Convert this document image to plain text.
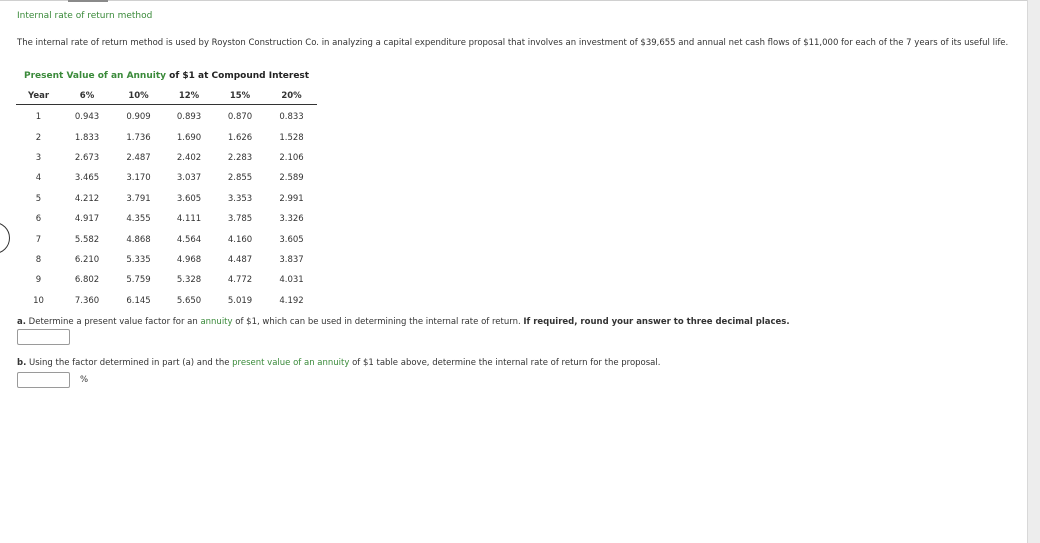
Internal rate of return method
The internal rate of return method is used by Royston Construction Co. in analyzing a capital expenditure proposal that involves an investment of $39,655 and annual net cash flows of $11,000 for each of the 7 years of its useful life.
Present Value of an Annuity of $1 at Compound Interest
Year	6%	10%	12%	15%	20%
1	0.943	0.909	0.893	0.870	0.833
2	1.833	1.736	1.690	1.626	1.528
3	2.673	2.487	2.402	2.283	2.106
4	3.465	3.170	3.037	2.855	2.589
5	4.212	3.791	3.605	3.353	2.991
6	4.917	4.355	4.111	3.785	3.326
7	5.582	4.868	4.564	4.160	3.605
8	6.210	5.335	4.968	4.487	3.837
9	6.802	5.759	5.328	4.772	4.031
10	7.360	6.145	5.650	5.019	4.192
a. Determine a present value factor for an annuity of $1, which can be used in determining the internal rate of return. If required, round your answer to three decimal places.
b. Using the factor determined in part (a) and the present value of an annuity of $1 table above, determine the internal rate of return for the proposal.
%
